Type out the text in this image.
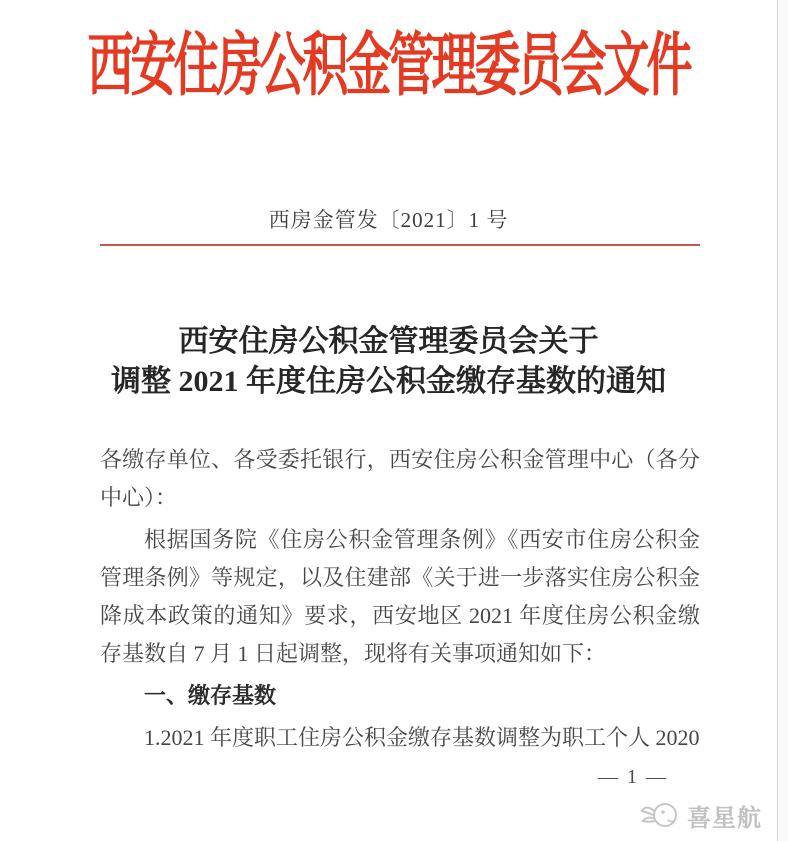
西安住房公积金管理委员会文件
西房金管发〔2021〕1 号
西安住房公积金管理委员会关于
调整 2021 年度住房公积金缴存基数的通知

各缴存单位、各受委托银行，西安住房公积金管理中心（各分中心）：

根据国务院《住房公积金管理条例》《西安市住房公积金管理条例》等规定，以及住建部《关于进一步落实住房公积金降成本政策的通知》要求，西安地区 2021 年度住房公积金缴存基数自 7 月 1 日起调整，现将有关事项通知如下：

一、缴存基数

1.2021 年度职工住房公积金缴存基数调整为职工个人 2020

— 1 —
喜星航
